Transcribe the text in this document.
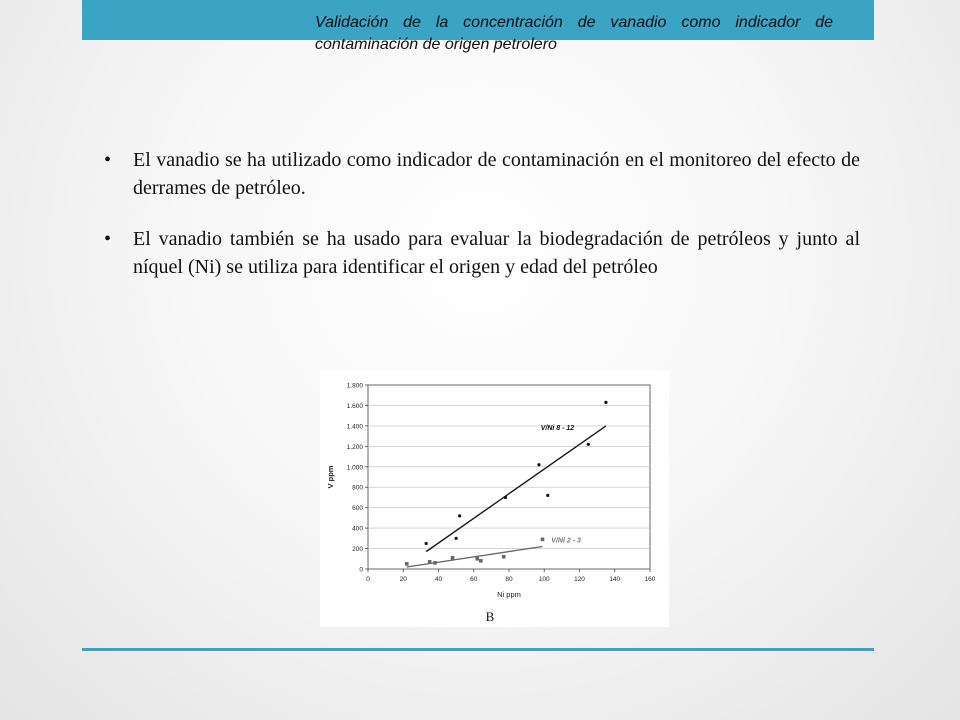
Validación de la concentración de vanadio como indicador de contaminación de origen petrolero
• El vanadio se ha utilizado como indicador de contaminación en el monitoreo del efecto de derrames de petróleo.
• El vanadio también se ha usado para evaluar la biodegradación de petróleos y junto al níquel (Ni) se utiliza para identificar el origen y edad del petróleo
0
200
400
600
800
1.000
1.200
1.400
1.600
1.800
0	20	40	60	80	100	120	140	160
V/Ni 8 - 12
V/Ni 2 - 3
Ni ppm
V ppm
B
